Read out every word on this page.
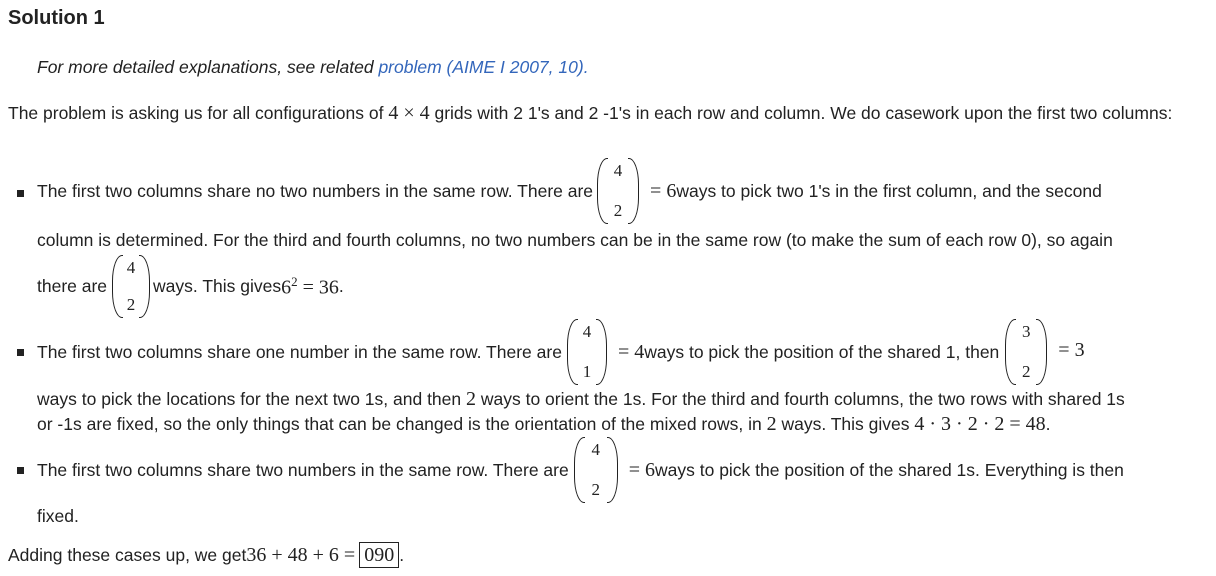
Solution 1
For more detailed explanations, see related problem (AIME I 2007, 10).
The problem is asking us for all configurations of 4 × 4 grids with 2 1's and 2 -1's in each row and column. We do casework upon the first two columns:
The first two columns share no two numbers in the same row. There are
4
2
= 6 ways to pick two 1's in the first column, and the second
column is determined. For the third and fourth columns, no two numbers can be in the same row (to make the sum of each row 0), so again
there are
4
2
ways. This gives $6^2 = 36$ .
The first two columns share one number in the same row. There are
4
1
= 4 ways to pick the position of the shared 1, then
3
2
= 3
ways to pick the locations for the next two 1s, and then 2 ways to orient the 1s. For the third and fourth columns, the two rows with shared 1s
or -1s are fixed, so the only things that can be changed is the orientation of the mixed rows, in 2 ways. This gives 4 · 3 · 2 · 2 = 48.
The first two columns share two numbers in the same row. There are
4
2
= 6 ways to pick the position of the shared 1s. Everything is then
fixed.
Adding these cases up, we get 36 + 48 + 6 = 090 .
